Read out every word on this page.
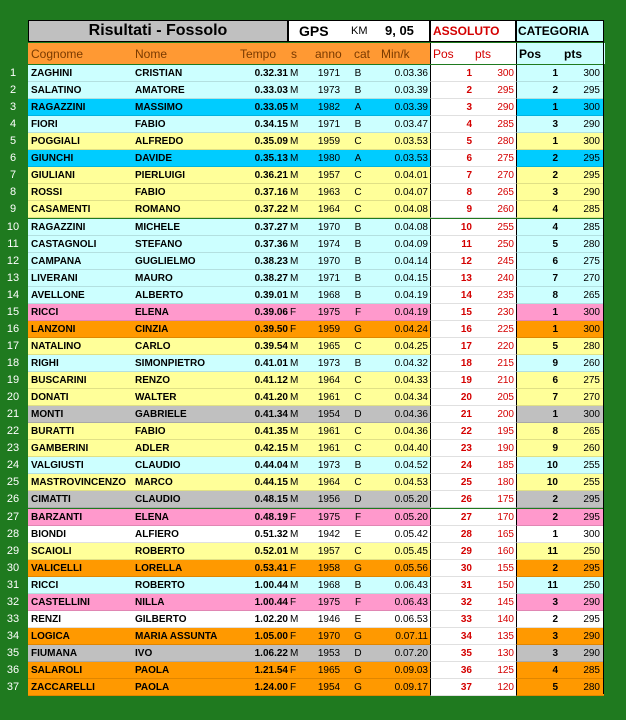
Risultati - Fossolo	GPS KM 9, 05 ASSOLUTO CATEGORIA
Cognome	Nome	Tempo s anno cat Min/k Pos pts Pos pts
1	ZAGHINI	CRISTIAN	0.32.31 M	1971	B	0.03.36	1	300	1	300
2	SALATINO	AMATORE	0.33.03 M	1973	B	0.03.39	2	295	2	295
3	RAGAZZINI	MASSIMO	0.33.05 M	1982	A	0.03.39	3	290	1	300
4	FIORI	FABIO	0.34.15 M	1971	B	0.03.47	4	285	3	290
5	POGGIALI	ALFREDO	0.35.09 M	1959	C	0.03.53	5	280	1	300
6	GIUNCHI	DAVIDE	0.35.13 M	1980	A	0.03.53	6	275	2	295
7	GIULIANI	PIERLUIGI	0.36.21 M	1957	C	0.04.01	7	270	2	295
8	ROSSI	FABIO	0.37.16 M	1963	C	0.04.07	8	265	3	290
9	CASAMENTI	ROMANO	0.37.22 M	1964	C	0.04.08	9	260	4	285
10	RAGAZZINI	MICHELE	0.37.27 M	1970	B	0.04.08	10	255	4	285
11	CASTAGNOLI	STEFANO	0.37.36 M	1974	B	0.04.09	11	250	5	280
12	CAMPANA	GUGLIELMO	0.38.23 M	1970	B	0.04.14	12	245	6	275
13	LIVERANI	MAURO	0.38.27 M	1971	B	0.04.15	13	240	7	270
14	AVELLONE	ALBERTO	0.39.01 M	1968	B	0.04.19	14	235	8	265
15	RICCI	ELENA	0.39.06 F	1975	F	0.04.19	15	230	1	300
16	LANZONI	CINZIA	0.39.50 F	1959	G	0.04.24	16	225	1	300
17	NATALINO	CARLO	0.39.54 M	1965	C	0.04.25	17	220	5	280
18	RIGHI	SIMONPIETRO	0.41.01 M	1973	B	0.04.32	18	215	9	260
19	BUSCARINI	RENZO	0.41.12 M	1964	C	0.04.33	19	210	6	275
20	DONATI	WALTER	0.41.20 M	1961	C	0.04.34	20	205	7	270
21	MONTI	GABRIELE	0.41.34 M	1954	D	0.04.36	21	200	1	300
22	BURATTI	FABIO	0.41.35 M	1961	C	0.04.36	22	195	8	265
23	GAMBERINI	ADLER	0.42.15 M	1961	C	0.04.40	23	190	9	260
24	VALGIUSTI	CLAUDIO	0.44.04 M	1973	B	0.04.52	24	185	10	255
25	MASTROVINCENZO MARCO	0.44.15 M	1964	C	0.04.53	25	180	10	255
26	CIMATTI	CLAUDIO	0.48.15 M	1956	D	0.05.20	26	175	2	295
27	BARZANTI	ELENA	0.48.19 F	1975	F	0.05.20	27	170	2	295
28	BIONDI	ALFIERO	0.51.32 M	1942	E	0.05.42	28	165	1	300
29	SCAIOLI	ROBERTO	0.52.01 M	1957	C	0.05.45	29	160	11	250
30	VALICELLI	LORELLA	0.53.41 F	1958	G	0.05.56	30	155	2	295
31	RICCI	ROBERTO	1.00.44 M	1968	B	0.06.43	31	150	11	250
32	CASTELLINI	NILLA	1.00.44 F	1975	F	0.06.43	32	145	3	290
33	RENZI	GILBERTO	1.02.20 M	1946	E	0.06.53	33	140	2	295
34	LOGICA	MARIA ASSUNTA	1.05.00 F	1970	G	0.07.11	34	135	3	290
35	FIUMANA	IVO	1.06.22 M	1953	D	0.07.20	35	130	3	290
36	SALAROLI	PAOLA	1.21.54 F	1965	G	0.09.03	36	125	4	285
37	ZACCARELLI	PAOLA	1.24.00 F	1954	G	0.09.17	37	120	5	280
